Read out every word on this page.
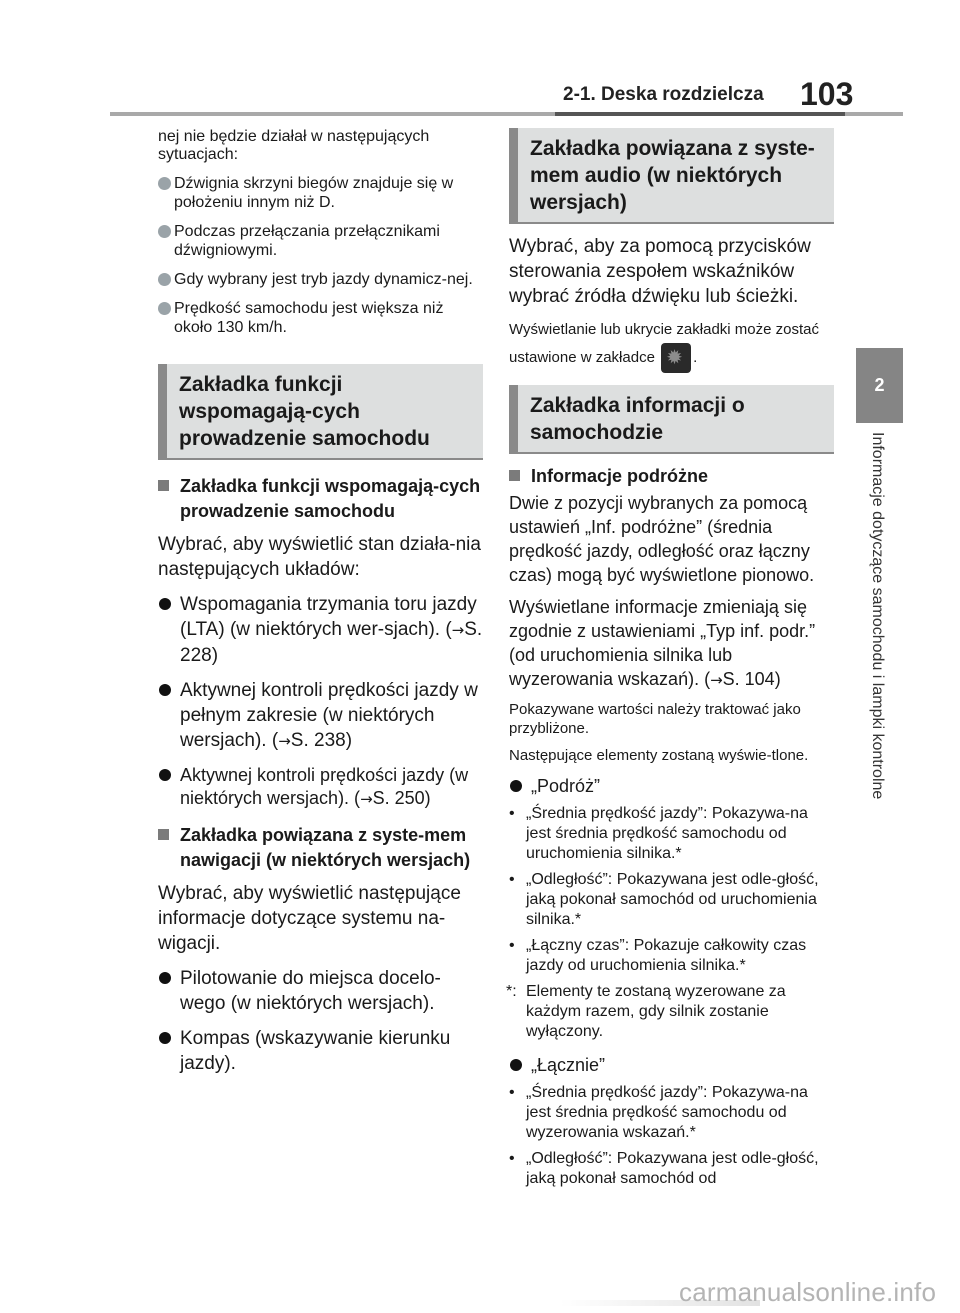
2-1. Deska rozdzielcza 103
2
Informacje dotyczące samochodu i lampki kontrolne

nej nie będzie działał w następujących sytuacjach:

Dźwignia skrzyni biegów znajduje się w położeniu innym niż D.
Podczas przełączania przełącznikami dźwigniowymi.
Gdy wybrany jest tryb jazdy dynamicz-nej.
Prędkość samochodu jest większa niż około 130 km/h.
Zakładka funkcji wspomagają-cych prowadzenie samochodu
Zakładka funkcji wspomagają-cych prowadzenie samochodu

Wybrać, aby wyświetlić stan działa-nia następujących układów:

Wspomagania trzymania toru jazdy (LTA) (w niektórych wer-sjach). (→S. 228)
Aktywnej kontroli prędkości jazdy w pełnym zakresie (w niektórych wersjach). (→S. 238)
Aktywnej kontroli prędkości jazdy (w niektórych wersjach). (→S. 250)
Zakładka powiązana z syste-mem nawigacji (w niektórych wersjach)

Wybrać, aby wyświetlić następujące informacje dotyczące systemu na-wigacji.

Pilotowanie do miejsca docelo-wego (w niektórych wersjach).
Kompas (wskazywanie kierunku jazdy).
Zakładka powiązana z syste-mem audio (w niektórych wersjach)

Wybrać, aby za pomocą przycisków sterowania zespołem wskaźników wybrać źródła dźwięku lub ścieżki.

Wyświetlanie lub ukrycie zakładki może zostać ustawione w zakładce ✹	.

Zakładka informacji o samochodzie
Informacje podróżne

Dwie z pozycji wybranych za pomocą ustawień „Inf. podróżne” (średnia prędkość jazdy, odległość oraz łączny czas) mogą być wyświetlone pionowo.

Wyświetlane informacje zmieniają się zgodnie z ustawieniami „Typ inf. podr.” (od uruchomienia silnika lub wyzerowania wskazań). (→S. 104)

Pokazywane wartości należy traktować jako przybliżone.

Następujące elementy zostaną wyświe-tlone.

„Podróż”
• „Średnia prędkość jazdy”: Pokazywa-na jest średnia prędkość samochodu od uruchomienia silnika.*
• „Odległość”: Pokazywana jest odle-głość, jaką pokonał samochód od uruchomienia silnika.*
• „Łączny czas”: Pokazuje całkowity czas jazdy od uruchomienia silnika.*
*: Elementy te zostaną wyzerowane za każdym razem, gdy silnik zostanie wyłączony.
„Łącznie”
• „Średnia prędkość jazdy”: Pokazywa-na jest średnia prędkość samochodu od wyzerowania wskazań.*
• „Odległość”: Pokazywana jest odle-głość, jaką pokonał samochód od
carmanualsonline.info
